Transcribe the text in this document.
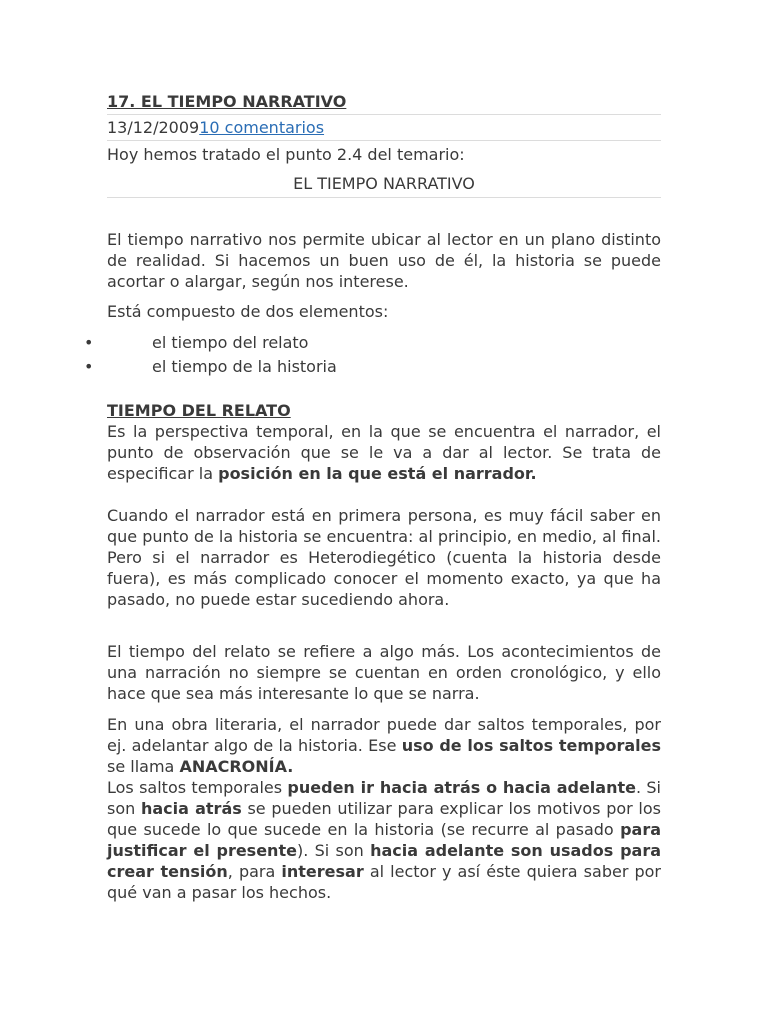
17. EL TIEMPO NARRATIVO
13/12/200910 comentarios
Hoy hemos tratado el punto 2.4 del temario:
EL TIEMPO NARRATIVO

El tiempo narrativo nos permite ubicar al lector en un plano distinto de realidad. Si hacemos un buen uso de él, la historia se puede acortar o alargar, según nos interese.

Está compuesto de dos elementos:

•	el tiempo del relato
•	el tiempo de la historia
TIEMPO DEL RELATO

Es la perspectiva temporal, en la que se encuentra el narrador, el punto de observación que se le va a dar al lector. Se trata de especificar la posición en la que está el narrador.

Cuando el narrador está en primera persona, es muy fácil saber en que punto de la historia se encuentra: al principio, en medio, al final. Pero si el narrador es Heterodiegético (cuenta la historia desde fuera), es más complicado conocer el momento exacto, ya que ha pasado, no puede estar sucediendo ahora.

El tiempo del relato se refiere a algo más. Los acontecimientos de una narración no siempre se cuentan en orden cronológico, y ello hace que sea más interesante lo que se narra.

En una obra literaria, el narrador puede dar saltos temporales, por ej. adelantar algo de la historia. Ese uso de los saltos temporales se llama ANACRONÍA.

Los saltos temporales pueden ir hacia atrás o hacia adelante. Si son hacia atrás se pueden utilizar para explicar los motivos por los que sucede lo que sucede en la historia (se recurre al pasado para justificar el presente). Si son hacia adelante son usados para crear tensión, para interesar al lector y así éste quiera saber por qué van a pasar los hechos.
